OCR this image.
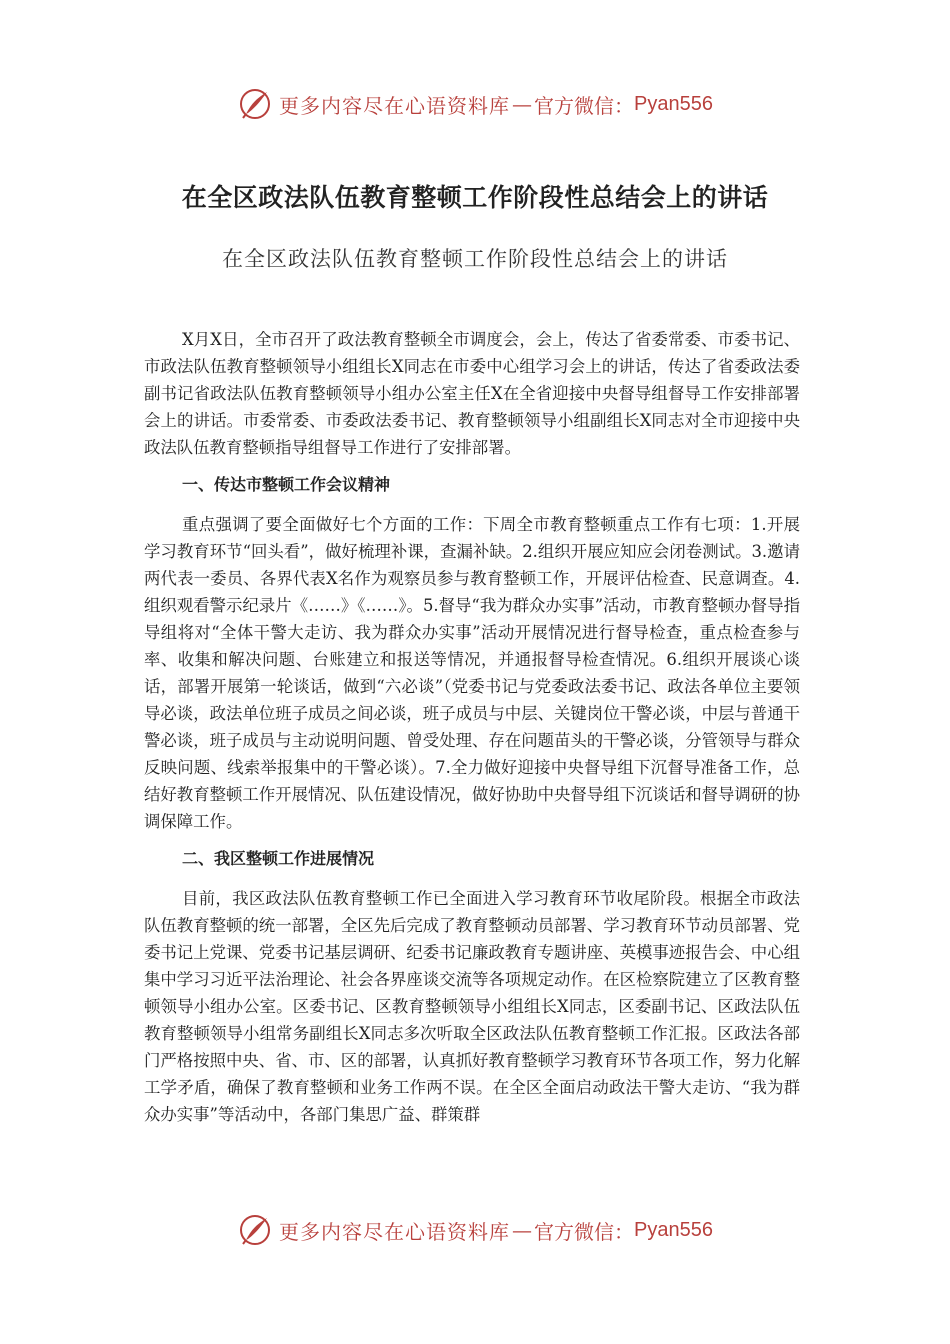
更多内容尽在心语资料库 — 官方微信： Pyan556
在全区政法队伍教育整顿工作阶段性总结会上的讲话
在全区政法队伍教育整顿工作阶段性总结会上的讲话

X月X日，全市召开了政法教育整顿全市调度会，会上，传达了省委常委、市委书记、市政法队伍教育整顿领导小组组长X同志在市委中心组学习会上的讲话，传达了省委政法委副书记省政法队伍教育整顿领导小组办公室主任X在全省迎接中央督导组督导工作安排部署会上的讲话。市委常委、市委政法委书记、教育整顿领导小组副组长X同志对全市迎接中央政法队伍教育整顿指导组督导工作进行了安排部署。

一、传达市整顿工作会议精神

重点强调了要全面做好七个方面的工作：下周全市教育整顿重点工作有七项：1.开展学习教育环节“回头看”，做好梳理补课，查漏补缺。2.组织开展应知应会闭卷测试。3.邀请两代表一委员、各界代表X名作为观察员参与教育整顿工作，开展评估检查、民意调查。4.组织观看警示纪录片《……》《……》。5.督导“我为群众办实事”活动，市教育整顿办督导指导组将对“全体干警大走访、我为群众办实事”活动开展情况进行督导检查，重点检查参与率、收集和解决问题、台账建立和报送等情况，并通报督导检查情况。6.组织开展谈心谈话，部署开展第一轮谈话，做到“六必谈”（党委书记与党委政法委书记、政法各单位主要领导必谈，政法单位班子成员之间必谈，班子成员与中层、关键岗位干警必谈，中层与普通干警必谈，班子成员与主动说明问题、曾受处理、存在问题苗头的干警必谈，分管领导与群众反映问题、线索举报集中的干警必谈）。7.全力做好迎接中央督导组下沉督导准备工作，总结好教育整顿工作开展情况、队伍建设情况，做好协助中央督导组下沉谈话和督导调研的协调保障工作。

二、我区整顿工作进展情况

目前，我区政法队伍教育整顿工作已全面进入学习教育环节收尾阶段。根据全市政法队伍教育整顿的统一部署，全区先后完成了教育整顿动员部署、学习教育环节动员部署、党委书记上党课、党委书记基层调研、纪委书记廉政教育专题讲座、英模事迹报告会、中心组集中学习习近平法治理论、社会各界座谈交流等各项规定动作。在区检察院建立了区教育整顿领导小组办公室。区委书记、区教育整顿领导小组组长X同志，区委副书记、区政法队伍教育整顿领导小组常务副组长X同志多次听取全区政法队伍教育整顿工作汇报。区政法各部门严格按照中央、省、市、区的部署，认真抓好教育整顿学习教育环节各项工作，努力化解工学矛盾，确保了教育整顿和业务工作两不误。在全区全面启动政法干警大走访、“我为群众办实事”等活动中，各部门集思广益、群策群

更多内容尽在心语资料库 — 官方微信： Pyan556
